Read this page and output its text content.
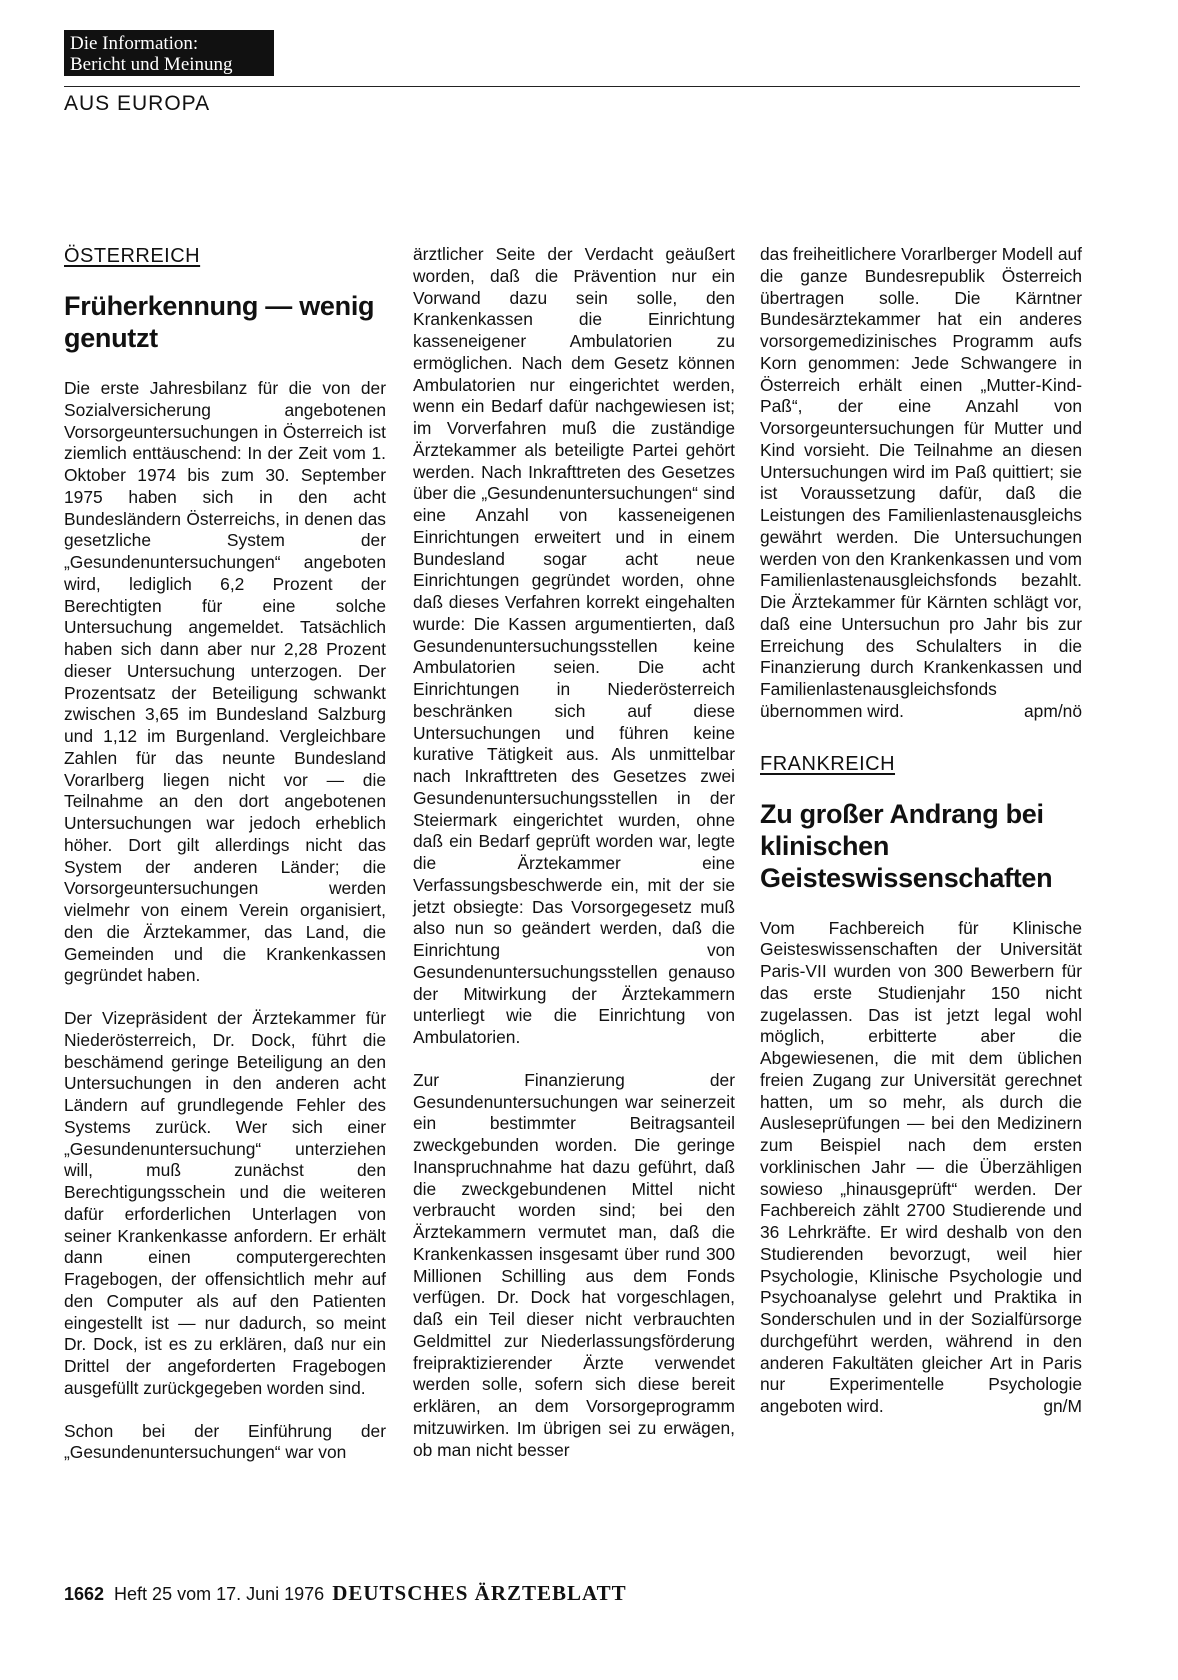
Die Information:
Bericht und Meinung
AUS EUROPA
ÖSTERREICH
Früherkennung — wenig genutzt

Die erste Jahresbilanz für die von der Sozialversicherung angebotenen Vorsorgeuntersuchungen in Österreich ist ziemlich enttäuschend: In der Zeit vom 1. Oktober 1974 bis zum 30. September 1975 haben sich in den acht Bundesländern Österreichs, in denen das gesetzliche System der „Gesundenuntersuchungen“ angeboten wird, lediglich 6,2 Prozent der Berechtigten für eine solche Untersuchung angemeldet. Tatsächlich haben sich dann aber nur 2,28 Prozent dieser Untersuchung unterzogen. Der Prozentsatz der Beteiligung schwankt zwischen 3,65 im Bundesland Salzburg und 1,12 im Burgenland. Vergleichbare Zahlen für das neunte Bundesland Vorarlberg liegen nicht vor — die Teilnahme an den dort angebotenen Untersuchungen war jedoch erheblich höher. Dort gilt allerdings nicht das System der anderen Länder; die Vorsorgeuntersuchungen werden vielmehr von einem Verein organisiert, den die Ärztekammer, das Land, die Gemeinden und die Krankenkassen gegründet haben.

Der Vizepräsident der Ärztekammer für Niederösterreich, Dr. Dock, führt die beschämend geringe Beteiligung an den Untersuchungen in den anderen acht Ländern auf grundlegende Fehler des Systems zurück. Wer sich einer „Gesundenuntersuchung“ unterziehen will, muß zunächst den Berechtigungsschein und die weiteren dafür erforderlichen Unterlagen von seiner Krankenkasse anfordern. Er erhält dann einen computergerechten Fragebogen, der offensichtlich mehr auf den Computer als auf den Patienten eingestellt ist — nur dadurch, so meint Dr. Dock, ist es zu erklären, daß nur ein Drittel der angeforderten Fragebogen ausgefüllt zurückgegeben worden sind.

Schon bei der Einführung der „Gesundenuntersuchungen“ war von

ärztlicher Seite der Verdacht geäußert worden, daß die Prävention nur ein Vorwand dazu sein solle, den Krankenkassen die Einrichtung kasseneigener Ambulatorien zu ermöglichen. Nach dem Gesetz können Ambulatorien nur eingerichtet werden, wenn ein Bedarf dafür nachgewiesen ist; im Vorverfahren muß die zuständige Ärztekammer als beteiligte Partei gehört werden. Nach Inkrafttreten des Gesetzes über die „Gesundenuntersuchungen“ sind eine Anzahl von kasseneigenen Einrichtungen erweitert und in einem Bundesland sogar acht neue Einrichtungen gegründet worden, ohne daß dieses Verfahren korrekt eingehalten wurde: Die Kassen argumentierten, daß Gesundenuntersuchungsstellen keine Ambulatorien seien. Die acht Einrichtungen in Niederösterreich beschränken sich auf diese Untersuchungen und führen keine kurative Tätigkeit aus. Als unmittelbar nach Inkrafttreten des Gesetzes zwei Gesundenuntersuchungsstellen in der Steiermark eingerichtet wurden, ohne daß ein Bedarf geprüft worden war, legte die Ärztekammer eine Verfassungsbeschwerde ein, mit der sie jetzt obsiegte: Das Vorsorgegesetz muß also nun so geändert werden, daß die Einrichtung von Gesundenuntersuchungsstellen genauso der Mitwirkung der Ärztekammern unterliegt wie die Einrichtung von Ambulatorien.

Zur Finanzierung der Gesundenuntersuchungen war seinerzeit ein bestimmter Beitragsanteil zweckgebunden worden. Die geringe Inanspruchnahme hat dazu geführt, daß die zweckgebundenen Mittel nicht verbraucht worden sind; bei den Ärztekammern vermutet man, daß die Krankenkassen insgesamt über rund 300 Millionen Schilling aus dem Fonds verfügen. Dr. Dock hat vorgeschlagen, daß ein Teil dieser nicht verbrauchten Geldmittel zur Niederlassungsförderung freipraktizierender Ärzte verwendet werden solle, sofern sich diese bereit erklären, an dem Vorsorgeprogramm mitzuwirken. Im übrigen sei zu erwägen, ob man nicht besser

das freiheitlichere Vorarlberger Modell auf die ganze Bundesrepublik Österreich übertragen solle. Die Kärntner Bundesärztekammer hat ein anderes vorsorgemedizinisches Programm aufs Korn genommen: Jede Schwangere in Österreich erhält einen „Mutter-Kind-Paß“, der eine Anzahl von Vorsorgeuntersuchungen für Mutter und Kind vorsieht. Die Teilnahme an diesen Untersuchungen wird im Paß quittiert; sie ist Voraussetzung dafür, daß die Leistungen des Familienlastenausgleichs gewährt werden. Die Untersuchungen werden von den Krankenkassen und vom Familienlastenausgleichsfonds bezahlt. Die Ärztekammer für Kärnten schlägt vor, daß eine Untersuchun pro Jahr bis zur Erreichung des Schulalters in die Finanzierung durch Krankenkassen und Familienlastenausgleichsfonds übernommen wird.	apm/nö

FRANKREICH
Zu großer Andrang bei klinischen Geisteswissenschaften

Vom Fachbereich für Klinische Geisteswissenschaften der Universität Paris-VII wurden von 300 Bewerbern für das erste Studienjahr 150 nicht zugelassen. Das ist jetzt legal wohl möglich, erbitterte aber die Abgewiesenen, die mit dem üblichen freien Zugang zur Universität gerechnet hatten, um so mehr, als durch die Ausleseprüfungen — bei den Medizinern zum Beispiel nach dem ersten vorklinischen Jahr — die Überzähligen sowieso „hinausgeprüft“ werden. Der Fachbereich zählt 2700 Studierende und 36 Lehrkräfte. Er wird deshalb von den Studierenden bevorzugt, weil hier Psychologie, Klinische Psychologie und Psychoanalyse gelehrt und Praktika in Sonderschulen und in der Sozialfürsorge durchgeführt werden, während in den anderen Fakultäten gleicher Art in Paris nur Experimentelle Psychologie angeboten wird.	gn/M

1662 Heft 25 vom 17. Juni 1976 DEUTSCHES ÄRZTEBLATT
